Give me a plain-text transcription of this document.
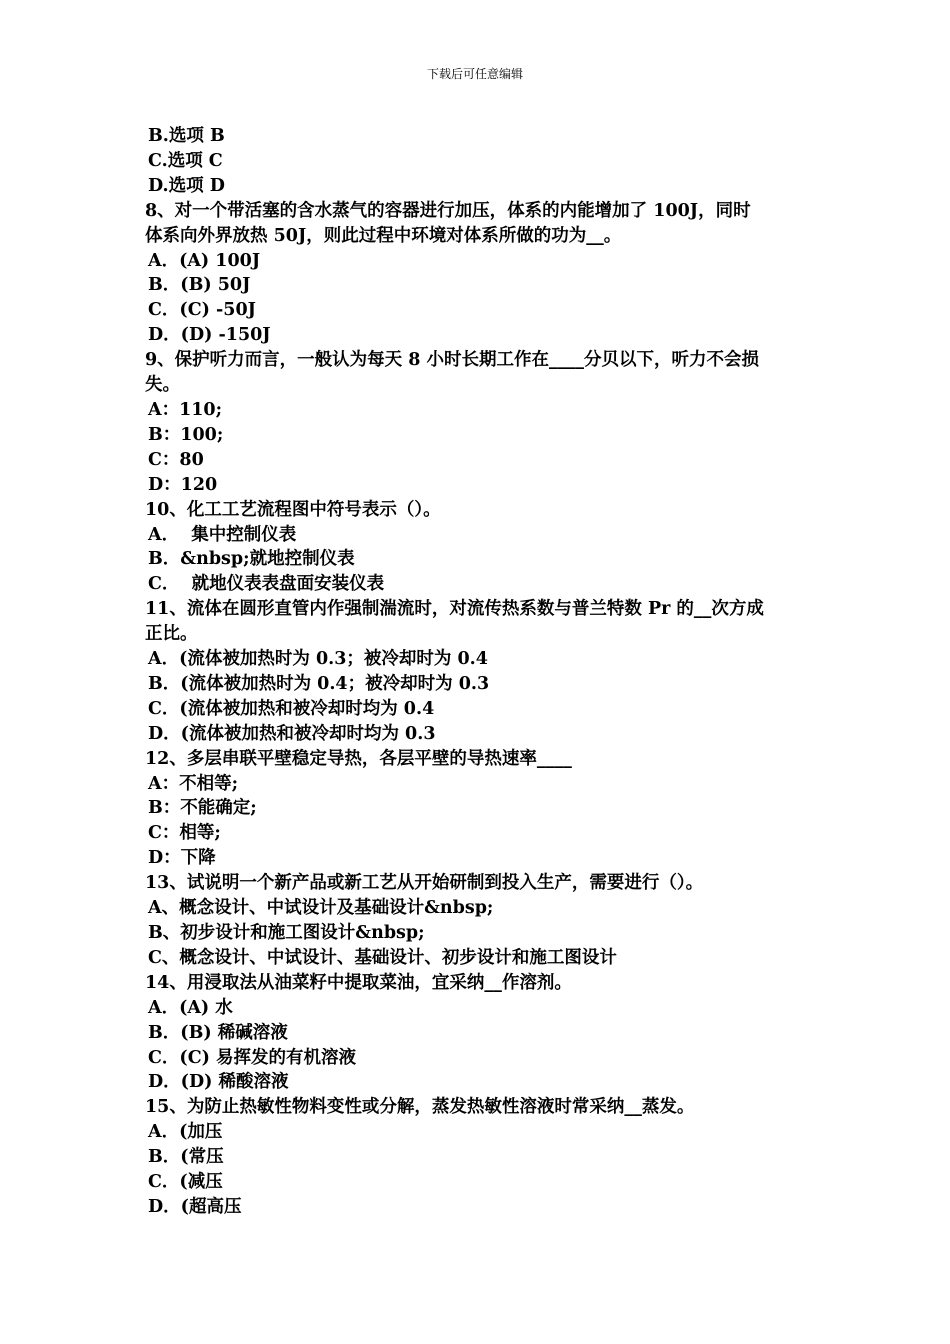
下载后可任意编辑
B.选项 B
C.选项 C
D.选项 D
8、对一个带活塞的含水蒸气的容器进行加压，体系的内能增加了 100J，同时
体系向外界放热 50J，则此过程中环境对体系所做的功为__。
A．(A) 100J
B．(B) 50J
C．(C) -50J
D．(D) -150J
9、保护听力而言，一般认为每天 8 小时长期工作在____分贝以下，听力不会损
失。
A：110;
B：100;
C：80
D：120
10、化工工艺流程图中符号表示（）。
A．  集中控制仪表
B．&nbsp;就地控制仪表
C．  就地仪表表盘面安装仪表
11、流体在圆形直管内作强制湍流时，对流传热系数与普兰特数 Pr 的__次方成
正比。
A．(流体被加热时为 0.3；被冷却时为 0.4
B．(流体被加热时为 0.4；被冷却时为 0.3
C．(流体被加热和被冷却时均为 0.4
D．(流体被加热和被冷却时均为 0.3
12、多层串联平壁稳定导热，各层平壁的导热速率____
A：不相等;
B：不能确定;
C：相等;
D：下降
13、试说明一个新产品或新工艺从开始研制到投入生产，需要进行（）。
A、概念设计、中试设计及基础设计&nbsp;
B、初步设计和施工图设计&nbsp;
C、概念设计、中试设计、基础设计、初步设计和施工图设计
14、用浸取法从油菜籽中提取菜油，宜采纳__作溶剂。
A．(A) 水
B．(B) 稀碱溶液
C．(C) 易挥发的有机溶液
D．(D) 稀酸溶液
15、为防止热敏性物料变性或分解，蒸发热敏性溶液时常采纳__蒸发。
A．(加压
B．(常压
C．(减压
D．(超高压
